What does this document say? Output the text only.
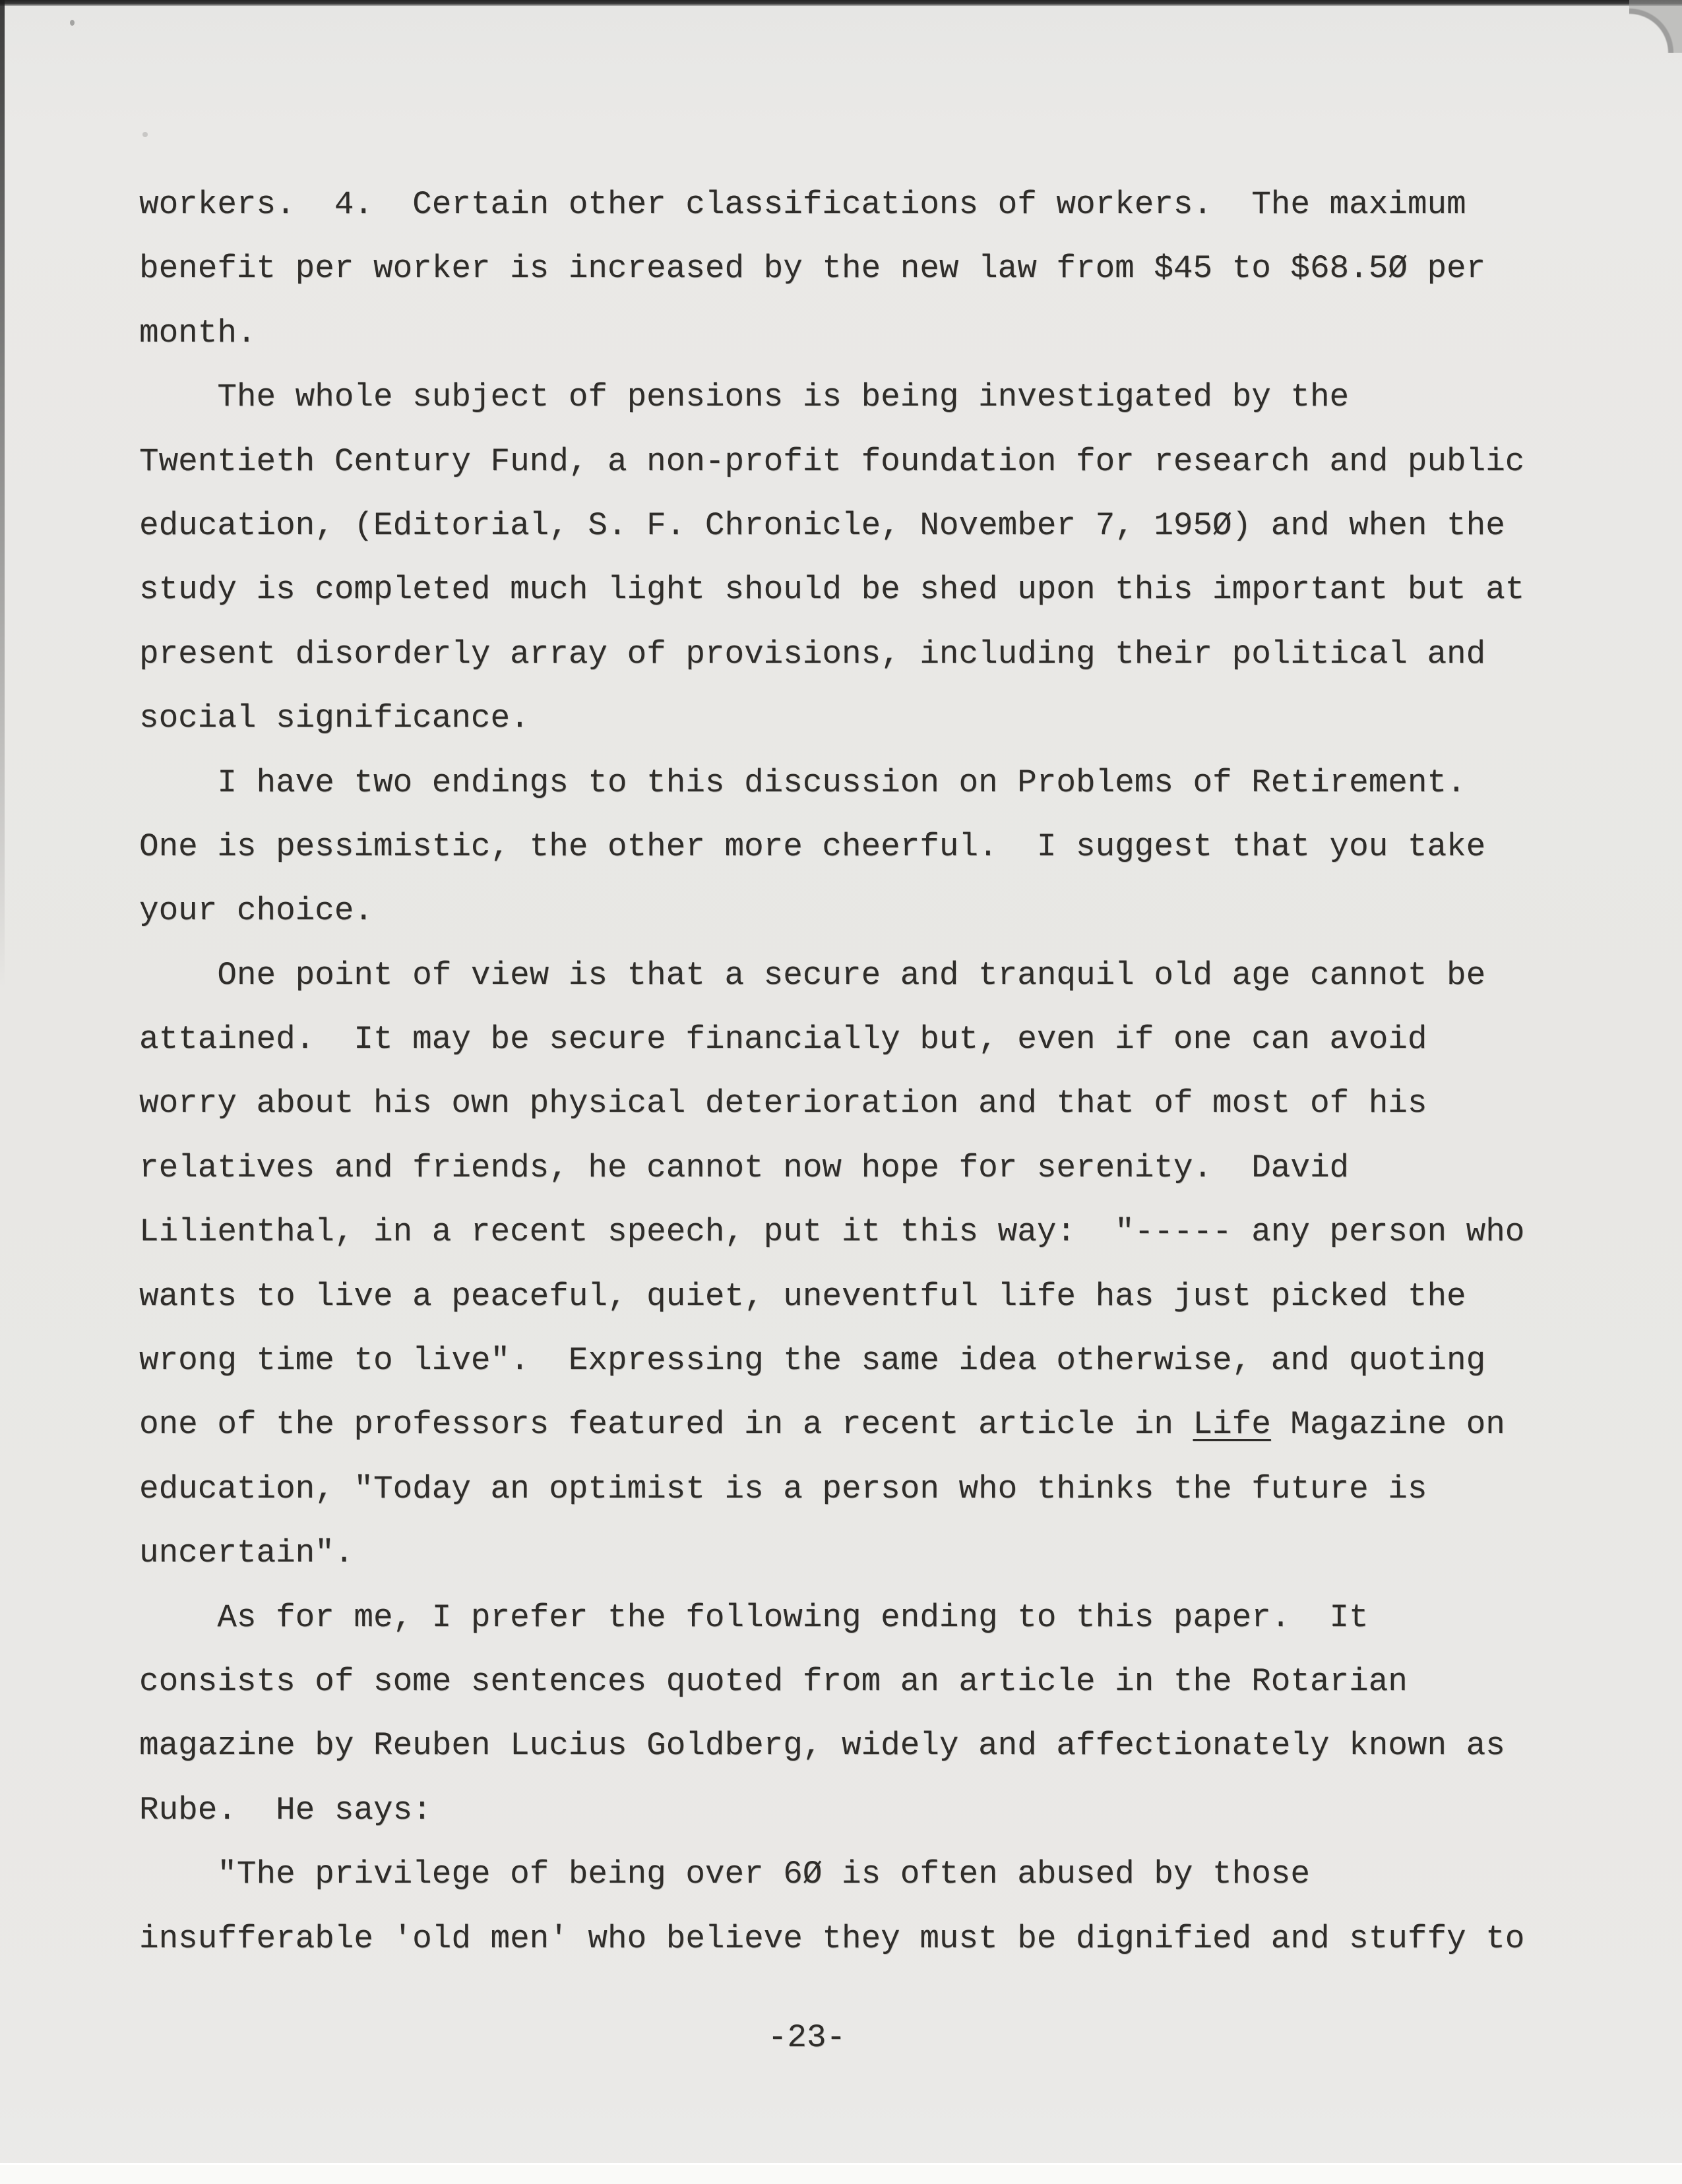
workers.  4.  Certain other classifications of workers.  The maximum
benefit per worker is increased by the new law from $45 to $68.5Ø per
month.
The whole subject of pensions is being investigated by the
Twentieth Century Fund, a non-profit foundation for research and public
education, (Editorial, S. F. Chronicle, November 7, 195Ø) and when the
study is completed much light should be shed upon this important but at
present disorderly array of provisions, including their political and
social significance.
I have two endings to this discussion on Problems of Retirement.
One is pessimistic, the other more cheerful.  I suggest that you take
your choice.
One point of view is that a secure and tranquil old age cannot be
attained.  It may be secure financially but, even if one can avoid
worry about his own physical deterioration and that of most of his
relatives and friends, he cannot now hope for serenity.  David
Lilienthal, in a recent speech, put it this way:  "----- any person who
wants to live a peaceful, quiet, uneventful life has just picked the
wrong time to live".  Expressing the same idea otherwise, and quoting
one of the professors featured in a recent article in Life Magazine on
education, "Today an optimist is a person who thinks the future is
uncertain".
As for me, I prefer the following ending to this paper.  It
consists of some sentences quoted from an article in the Rotarian
magazine by Reuben Lucius Goldberg, widely and affectionately known as
Rube.  He says:
"The privilege of being over 6Ø is often abused by those
insufferable 'old men' who believe they must be dignified and stuffy to
-23-
